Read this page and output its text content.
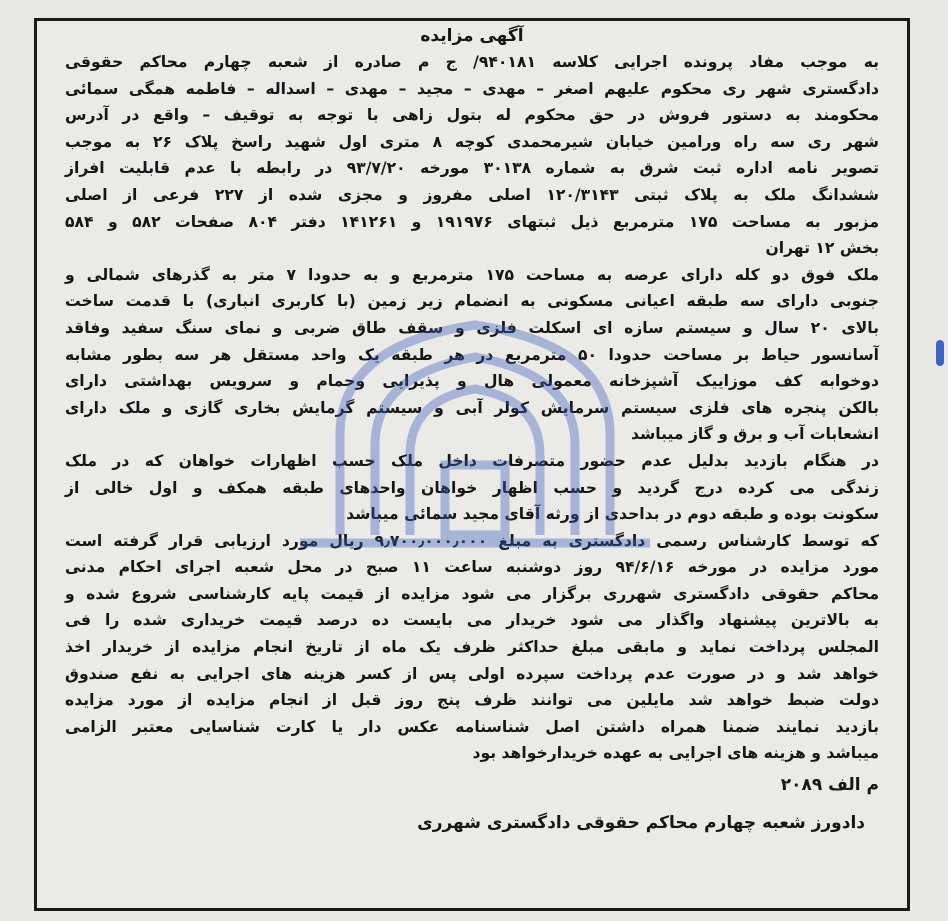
آگهی مزایده

به موجب مفاد پرونده اجرایی کلاسه ۹۴۰۱۸۱/ ج م صادره از شعبه چهارم محاکم حقوقی

دادگستری شهر ری محکوم علیهم اصغر – مهدی – مجید – مهدی – اسداله – فاطمه همگی سمائی

محکومند به دستور فروش در حق محکوم له بتول زاهی با توجه به توقیف – واقع در آدرس

شهر ری سه راه ورامین خیابان شیرمحمدی کوچه ۸ متری اول شهید راسخ پلاک ۲۶ به موجب

تصویر نامه اداره ثبت شرق به شماره ۳۰۱۳۸ مورخه ۹۳/۷/۲۰ در رابطه با عدم قابلیت افراز

ششدانگ ملک به پلاک ثبتی ۱۲۰/۳۱۴۳ اصلی مفروز و مجزی شده از ۲۲۷ فرعی از اصلی

مزبور به مساحت ۱۷۵ مترمربع ذیل ثبتهای ۱۹۱۹۷۶ و ۱۴۱۲۶۱ دفتر ۸۰۴ صفحات ۵۸۲ و ۵۸۴

بخش ۱۲ تهران

ملک فوق دو کله دارای عرصه به مساحت ۱۷۵ مترمربع و به حدودا ۷ متر به گذرهای شمالی و

جنوبی دارای سه طبقه اعیانی مسکونی به انضمام زیر زمین (با کاربری انباری) با قدمت ساخت

بالای ۲۰ سال و سیستم سازه ای اسکلت فلزی و سقف طاق ضربی و نمای سنگ سفید وفاقد

آسانسور حیاط بر مساحت حدودا ۵۰ مترمربع در هر طبقه یک واحد مستقل هر سه بطور مشابه

دوخوابه کف موزاییک آشپزخانه معمولی هال و پذیرایی وحمام و سرویس بهداشتی دارای

بالکن پنجره های فلزی سیستم سرمایش کولر آبی و سیستم گرمایش بخاری گازی و ملک دارای

انشعابات آب و برق و گاز میباشد

در هنگام بازدید بدلیل عدم حضور متصرفات داخل ملک حسب اظهارات خواهان که در ملک

زندگی می کرده درج گردید و حسب اظهار خواهان واحدهای طبقه همکف و اول خالی از

سکونت بوده و طبقه دوم در بداحدی از ورثه آقای مجید سمائی میباشد

که توسط کارشناس رسمی دادگستری به مبلغ ۹٫۷۰۰٫۰۰۰٫۰۰۰ ریال مورد ارزیابی قرار گرفته است

مورد مزایده در مورخه ۹۴/۶/۱۶ روز دوشنبه ساعت ۱۱ صبح در محل شعبه اجرای احکام مدنی

محاکم حقوقی دادگستری شهرری برگزار می شود مزایده از قیمت پایه کارشناسی شروع شده و

به بالاترین پیشنهاد واگذار می شود خریدار می بایست ده درصد قیمت خریداری شده را فی

المجلس پرداخت نماید و مابقی مبلغ حداکثر ظرف یک ماه از تاریخ انجام مزایده از خریدار اخذ

خواهد شد و در صورت عدم پرداخت سپرده اولی پس از کسر هزینه های اجرایی به نفع صندوق

دولت ضبط خواهد شد مایلین می توانند ظرف پنج روز قبل از انجام مزایده از مورد مزایده

بازدید نمایند ضمنا همراه داشتن اصل شناسنامه عکس دار یا کارت شناسایی معتبر الزامی

میباشد و هزینه های اجرایی به عهده خریدارخواهد بود

م الف ۲۰۸۹

دادورز شعبه چهارم محاکم حقوقی دادگستری شهرری
